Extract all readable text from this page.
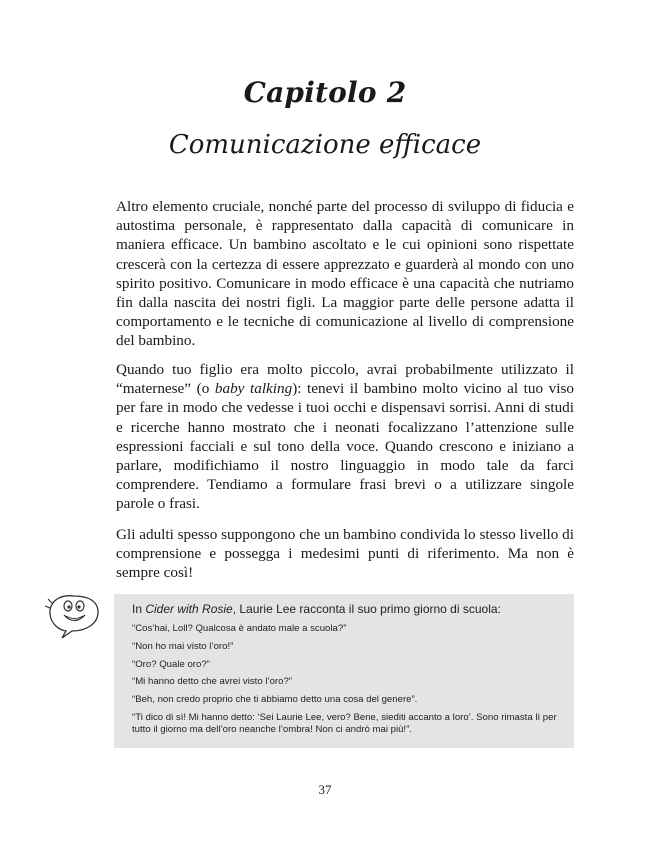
Capitolo 2
Comunicazione efficace

Altro elemento cruciale, nonché parte del processo di sviluppo di fiducia e autostima personale, è rappresentato dalla capacità di comunicare in maniera efficace. Un bambino ascoltato e le cui opinioni sono rispettate crescerà con la certezza di essere apprezzato e guarderà al mondo con uno spirito positivo. Comunicare in modo efficace è una capacità che nutriamo fin dalla nascita dei nostri figli. La maggior parte delle persone adatta il comportamento e le tecniche di comunicazione al livello di comprensione del bambino.

Quando tuo figlio era molto piccolo, avrai probabilmente utilizzato il “maternese” (o baby talking): tenevi il bambino molto vicino al tuo viso per fare in modo che vedesse i tuoi occhi e dispensavi sorrisi. Anni di studi e ricerche hanno mostrato che i neonati focalizzano l’attenzione sulle espressioni facciali e sul tono della voce. Quando crescono e iniziano a parlare, modifichiamo il nostro linguaggio in modo tale da farci comprendere. Tendiamo a formulare frasi brevi o a utilizzare singole parole o frasi.

Gli adulti spesso suppongono che un bambino condivida lo stesso livello di comprensione e possegga i medesimi punti di riferimento. Ma non è sempre così!

In Cider with Rosie, Laurie Lee racconta il suo primo giorno di scuola:

“Cos’hai, Loll? Qualcosa è andato male a scuola?”

“Non ho mai visto l’oro!”

“Oro? Quale oro?”

“Mi hanno detto che avrei visto l’oro?”

“Beh, non credo proprio che ti abbiamo detto una cosa del genere”.

“Ti dico di sì! Mi hanno detto: ‘Sei Laurie Lee, vero? Bene, siediti accanto a loro’. Sono rimasta lì per tutto il giorno ma dell’oro neanche l’ombra! Non ci andrò mai più!”.

37
